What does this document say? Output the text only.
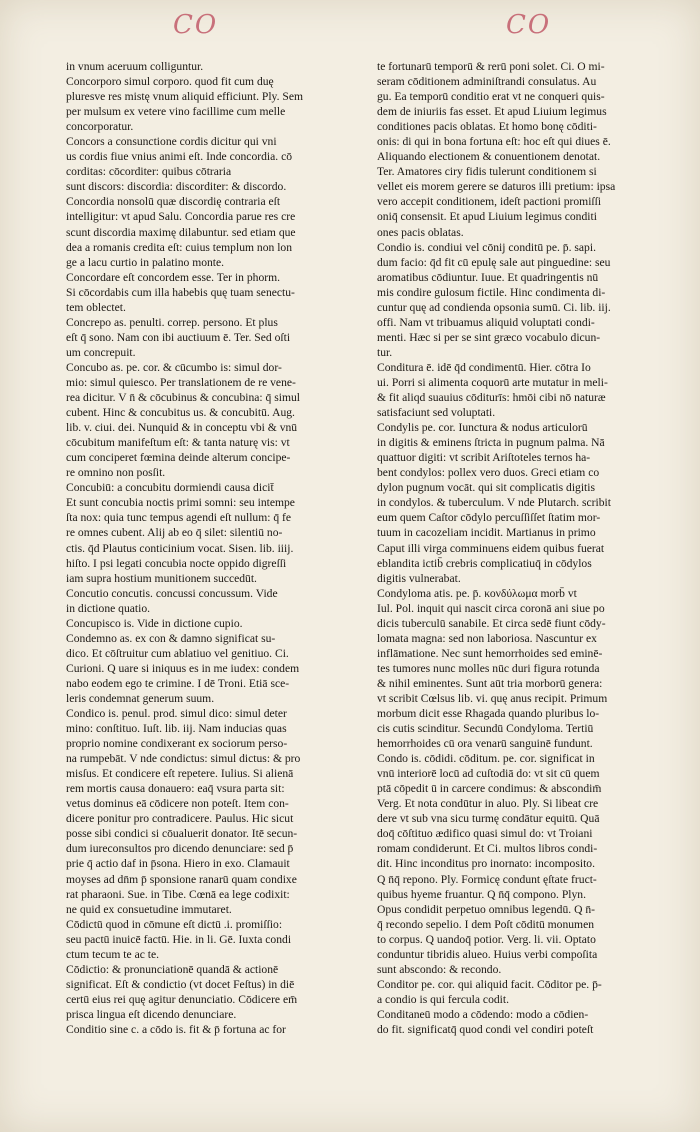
CO	CO
in vnum aceruum colliguntur.
Concorporo simul corporo. quod fit cum duę
pluresve res mistę vnum aliquid efficiunt. Ply. Sem
per mulsum ex vetere vino facillime cum melle
concorporatur.
Concors a consunctione cordis dicitur qui vni
us cordis fiue vnius animi eſt. Inde concordia. cō
corditas: cōcorditer: quibus cōtraria
sunt discors: discordia: discorditer: & discordo.
Concordia nonsolū quæ discordię contraria eſt
intelligitur: vt apud Salu. Concordia parue res cre
scunt discordia maximę dilabuntur. sed etiam que
dea a romanis credita eſt: cuius templum non lon
ge a lacu curtio in palatino monte.
Concordare eſt concordem esse. Ter in phorm.
Si cōcordabis cum illa habebis quę tuam senectu-
tem oblectet.
Concrepo as. penulti. correp. persono. Et plus
eſt q̄ sono. Nam con ibi auctiuum ē. Ter. Sed oſti
um concrepuit.
Concubo as. pe. cor. & cūcumbo is: simul dor-
mio: simul quiesco. Per translationem de re vene-
rea dicitur. V n̄ & cōcubinus & concubina: q̄ simul
cubent. Hinc & concubitus us. & concubitū. Aug.
lib. v. ciui. dei. Nunquid & in conceptu vbi & vnū
cōcubitum manifeſtum eſt: & tanta naturę vis: vt
cum conciperet fœmina deinde alterum concipe-
re omnino non posſit.
Concubiū: a concubitu dormiendi causa dicit̄
Et sunt concubia noctis primi somni: seu intempe
ſta nox: quia tunc tempus agendi eſt nullum: q̄ fe
re omnes cubent. Alij ab eo q̄ silet: silentiū no-
ctis. q̄d Plautus conticinium vocat. Sisen. lib. iiij.
hiſto. I psi legati concubia nocte oppido digreſſi
iam supra hostium munitionem succedūt.
Concutio concutis. concussi concussum. Vide
in dictione quatio.
Concupisco is. Vide in dictione cupio.
Condemno as. ex con & damno significat su-
dico. Et cōſtruitur cum ablatiuo vel genitiuo. Ci.
Curioni. Q uare si iniquus es in me iudex: condem
nabo eodem ego te crimine. I dē Troni. Etiā sce-
leris condemnat generum suum.
Condico is. penul. prod. simul dico: simul deter
mino: conſtituo. Iuſt. lib. iij. Nam inducias quas
proprio nomine condixerant ex sociorum perso-
na rumpebāt. V nde condictus: simul dictus: & pro
misſus. Et condicere eſt repetere. Iulius. Si alienā
rem mortis causa donauero: eaq̄ vsura parta sit:
vetus dominus eā cōdicere non poteſt. Item con-
dicere ponitur pro contradicere. Paulus. Hic sicut
posse sibi condici si cōualuerit donator. Itē secun-
dum iureconsultos pro dicendo denunciare: sed p̄
prie q̄ actio daf in p̄sona. Hiero in exo. Clamauit
moyses ad dn̄m p̄ sponsione ranarū quam condixe
rat pharaoni. Sue. in Tibe. Cœnā ea lege codixit:
ne quid ex consuetudine immutaret.
Cōdictū quod in cōmune eſt dictū .i. promiſſio:
seu pactū inuicē factū. Hie. in li. Gē. Iuxta condi
ctum tecum te ac te.
Cōdictio: & pronunciationē quandā & actionē
significat. Eſt & condictio (vt docet Feſtus) in diē
certū eius rei quę agitur denunciatio. Cōdicere em̄
prisca lingua eſt dicendo denunciare.
Conditio sine c. a cōdo is. fit & p̄ fortuna ac for
te fortunarū temporū & rerū poni solet. Ci. O mi-
seram cōditionem adminiſtrandi consulatus. Au
gu. Ea temporū conditio erat vt ne conqueri quis-
dem de iniuriis fas esset. Et apud Liuium legimus
conditiones pacis oblatas. Et homo bonę cōditi-
onis: di qui in bona fortuna eſt: hoc eſt qui diues ē.
Aliquando electionem & conuentionem denotat.
Ter. Amatores ciry fidis tulerunt conditionem si
vellet eis morem gerere se daturos illi pretium: ipsa
vero accepit conditionem, ideſt pactioni promiſſi
oniq̄ consensit. Et apud Liuium legimus conditi
ones pacis oblatas.
Condio is. condiui vel cōnij conditū pe. p̄. sapi.
dum facio: q̄d fit cū epulę sale aut pinguedine: seu
aromatibus cōdiuntur. Iuue. Et quadringentis nū
mis condire gulosum fictile. Hinc condimenta di-
cuntur quę ad condienda opsonia sumū. Ci. lib. iij.
offi. Nam vt tribuamus aliquid voluptati condi-
menti. Hæc si per se sint græco vocabulo dicun-
tur.
Conditura ē. idē q̄d condimentū. Hier. cōtra Io
ui. Porri si alimenta coquorū arte mutatur in meli-
& fit aliqd suauius cōditurīs: hmōi cibi nō naturæ
satisfaciunt sed voluptati.
Condylis pe. cor. Iunctura & nodus articulorū
in digitis & eminens ſtricta in pugnum palma. Nā
quattuor digiti: vt scribit Ariſtoteles ternos ha-
bent condylos: pollex vero duos. Greci etiam co
dylon pugnum vocāt. qui sit complicatis digitis
in condylos. & tuberculum. V nde Plutarch. scribit
eum quem Caſtor cōdylo percuſſiſſet ſtatim mor-
tuum in cacozeliam incidit. Martianus in primo
Caput illi virga comminuens eidem quibus fuerat
eblandita ictib̄ crebris complicatiuq̄ in cōdylos
digitis vulnerabat.
Condyloma atis. pe. p̄. κονδύλωμα morb̄ vt
Iul. Pol. inquit qui nascit circa coronā ani siue po
dicis tuberculū sanabile. Et circa sedē fiunt cōdy-
lomata magna: sed non laboriosa. Nascuntur ex
inflāmatione. Nec sunt hemorrhoides sed eminē-
tes tumores nunc molles nūc duri figura rotunda
& nihil eminentes. Sunt aūt tria morborū genera:
vt scribit Cœlsus lib. vi. quę anus recipit. Primum
morbum dicit esse Rhagada quando pluribus lo-
cis cutis scinditur. Secundū Condyloma. Tertiū
hemorrhoides cū ora venarū sanguinē fundunt.
Condo is. cōdidi. cōditum. pe. cor. significat in
vnū interiorē locū ad cuſtodiā do: vt sit cū quem
ptā cōpedit ū in carcere condimus: & abscondim̄
Verg. Et nota condūtur in aluo. Ply. Si libeat cre
dere vt sub vna sicu turmę condātur equitū. Quā
doq̄ cōſtituo ædifico quasi simul do: vt Troiani
romam condiderunt. Et Ci. multos libros condi-
dit. Hinc inconditus pro inornato: incomposito.
Q n̄q̄ repono. Ply. Formicę condunt ęſtate fruct-
quibus hyeme fruantur. Q n̄q̄ compono. Plyn.
Opus condidit perpetuo omnibus legendū. Q n̄-
q̄ recondo sepelio. I dem Poſt cōditū monumen
to corpus. Q uandoq̄ potior. Verg. li. vii. Optato
conduntur tibridis alueo. Huius verbi compoſita
sunt abscondo: & recondo.
Conditor pe. cor. qui aliquid facit. Cōditor pe. p̄-
a condio is qui fercula codit.
Conditaneū modo a cōdendo: modo a cōdien-
do fit. significatq̄ quod condi vel condiri poteſt
